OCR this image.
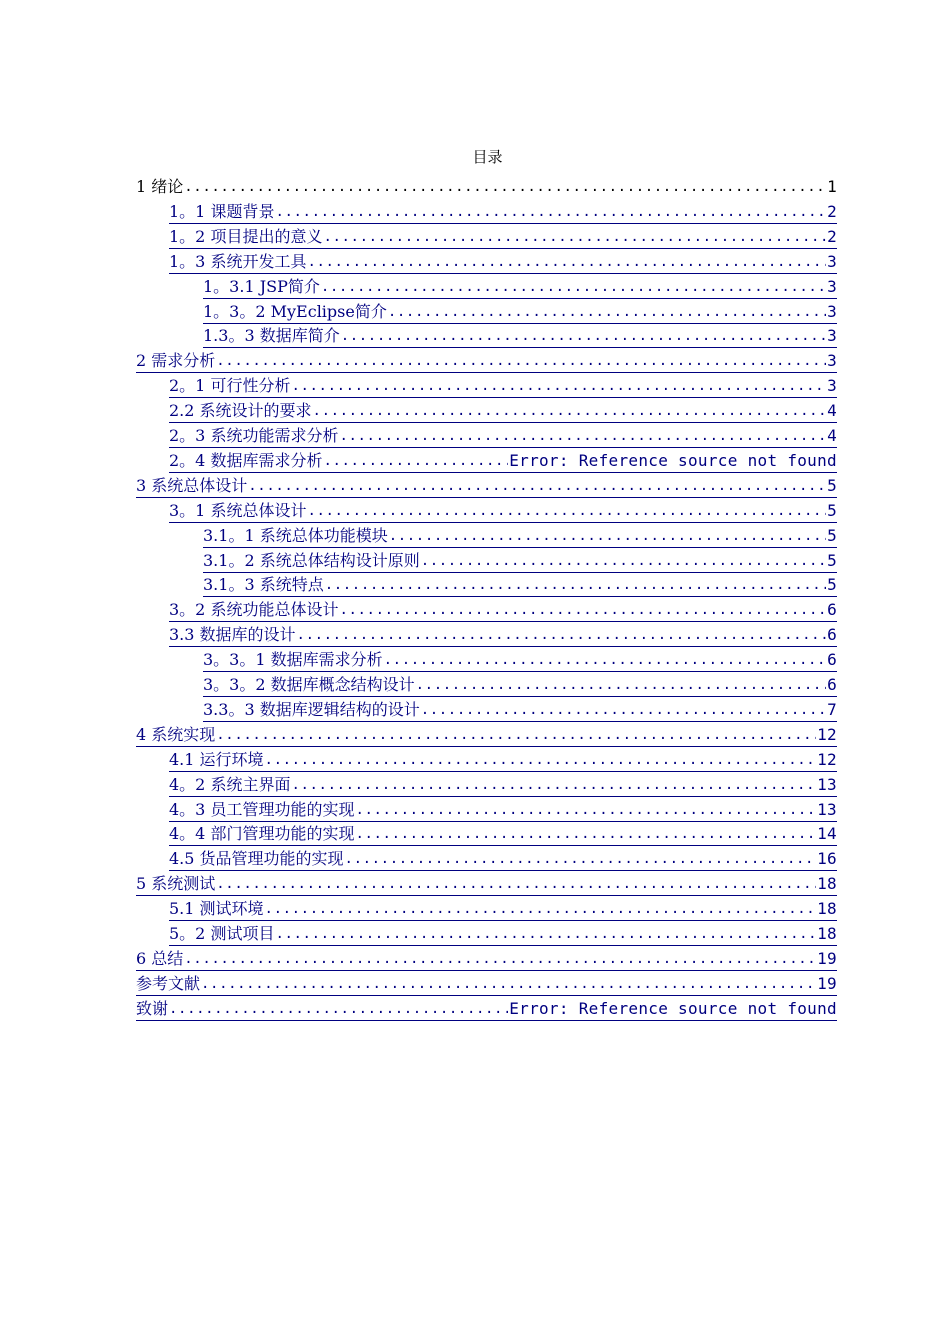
目录
1 绪论 .....	1
1。1 课题背景 .....	2
1。2 项目提出的意义 .....	2
1。3 系统开发工具 .....	3
1。3.1 JSP简介 .....	3
1。3。2 MyEclipse简介 .....	3
1.3。3 数据库简介 .....	3
2 需求分析 .....	3
2。1 可行性分析 .....	3
2.2 系统设计的要求 .....	4
2。3 系统功能需求分析 .....	4
2。4 数据库需求分析 .....	Error: Reference source not found
3 系统总体设计 .....	5
3。1 系统总体设计 .....	5
3.1。1 系统总体功能模块 .....	5
3.1。2 系统总体结构设计原则 .....	5
3.1。3 系统特点 .....	5
3。2 系统功能总体设计 .....	6
3.3 数据库的设计 .....	6
3。3。1 数据库需求分析 .....	6
3。3。2 数据库概念结构设计 .....	6
3.3。3 数据库逻辑结构的设计 .....	7
4 系统实现 .....	12
4.1 运行环境 .....	12
4。2 系统主界面 .....	13
4。3 员工管理功能的实现 .....	13
4。4 部门管理功能的实现 .....	14
4.5 货品管理功能的实现 .....	16
5 系统测试 .....	18
5.1 测试环境 .....	18
5。2 测试项目 .....	18
6 总结 .....	19
参考文献 .....	19
致谢 .....	Error: Reference source not found
